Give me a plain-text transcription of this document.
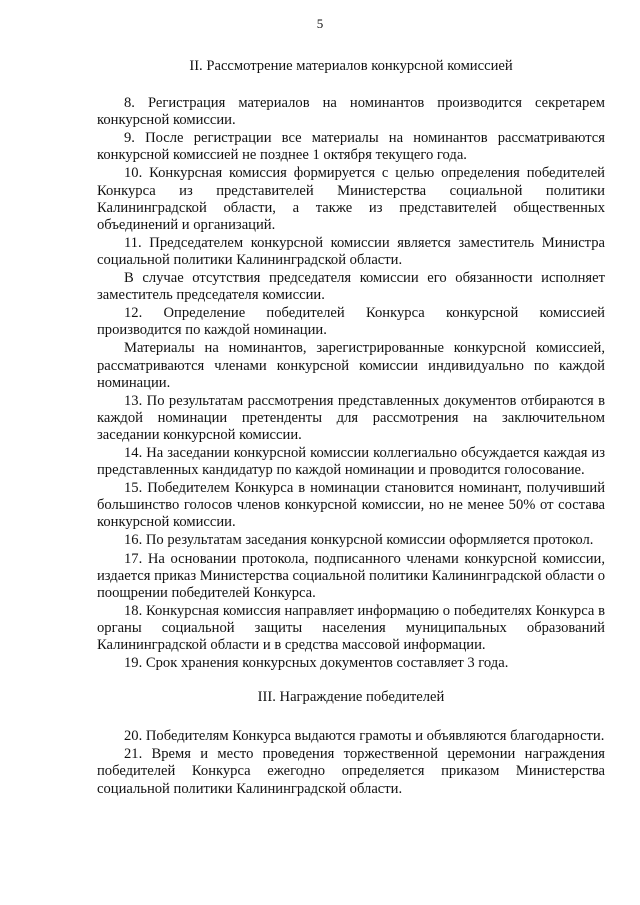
5
II. Рассмотрение материалов конкурсной комиссией

8. Регистрация материалов на номинантов производится секретарем конкурсной комиссии.

9. После регистрации все материалы на номинантов рассматриваются конкурсной комиссией не позднее 1 октября текущего года.

10. Конкурсная комиссия формируется с целью определения победителей Конкурса из представителей Министерства социальной политики Калининградской области, а также из представителей общественных объединений и организаций.

11. Председателем конкурсной комиссии является заместитель Министра социальной политики Калининградской области.

В случае отсутствия председателя комиссии его обязанности исполняет заместитель председателя комиссии.

12. Определение победителей Конкурса конкурсной комиссией производится по каждой номинации.

Материалы на номинантов, зарегистрированные конкурсной комиссией, рассматриваются членами конкурсной комиссии индивидуально по каждой номинации.

13. По результатам рассмотрения представленных документов отбираются в каждой номинации претенденты для рассмотрения на заключительном заседании конкурсной комиссии.

14. На заседании конкурсной комиссии коллегиально обсуждается каждая из представленных кандидатур по каждой номинации и проводится голосование.

15. Победителем Конкурса в номинации становится номинант, получивший большинство голосов членов конкурсной комиссии, но не менее 50% от состава конкурсной комиссии.

16. По результатам заседания конкурсной комиссии оформляется протокол.

17. На основании протокола, подписанного членами конкурсной комиссии, издается приказ Министерства социальной политики Калининградской области о поощрении победителей Конкурса.

18. Конкурсная комиссия направляет информацию о победителях Конкурса в органы социальной защиты населения муниципальных образований Калининградской области и в средства массовой информации.

19. Срок хранения конкурсных документов составляет 3 года.

III. Награждение победителей

20. Победителям Конкурса выдаются грамоты и объявляются благодарности.

21. Время и место проведения торжественной церемонии награждения победителей Конкурса ежегодно определяется приказом Министерства социальной политики Калининградской области.
